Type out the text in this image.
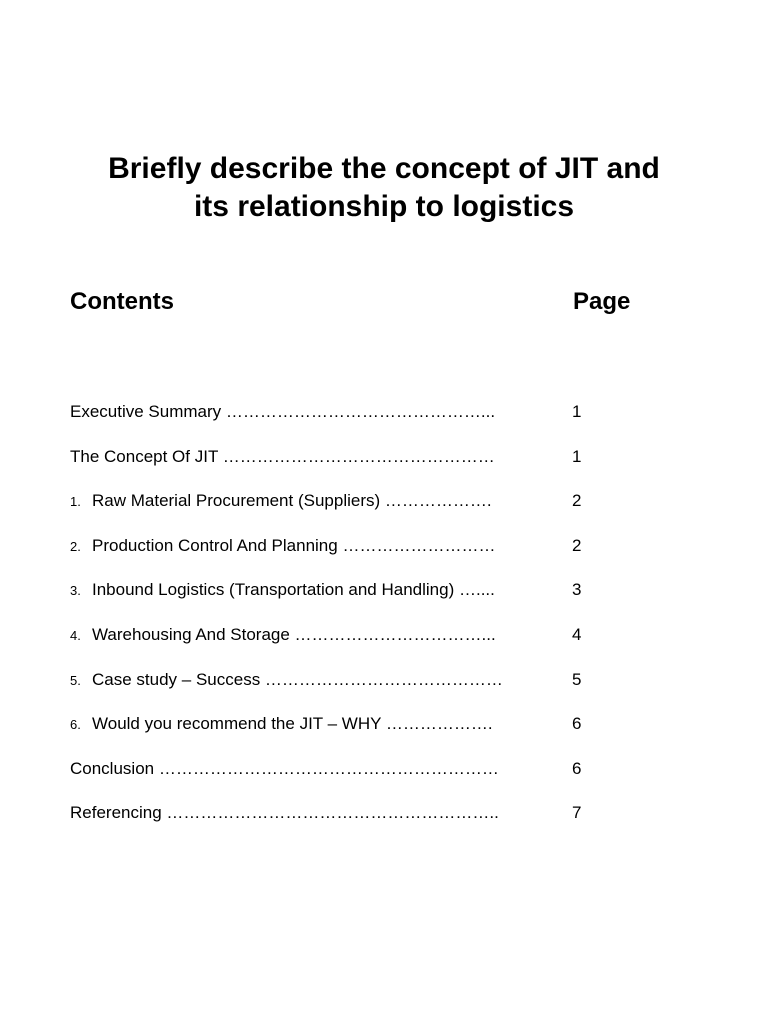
Briefly describe the concept of JIT and
its relationship to logistics
Contents	Page
Executive Summary ………………………………………...	1
The Concept Of JIT …………………………………………	1
1. Raw Material Procurement (Suppliers) ……………….	2
2. Production Control And Planning ………………………	2
3. Inbound Logistics (Transportation and Handling) …....	3
4. Warehousing And Storage ……………………………...	4
5. Case study – Success ……………………………………	5
6. Would you recommend the JIT – WHY ……………….	6
Conclusion ……………………………………………………	6
Referencing …………………………………………………..	7
